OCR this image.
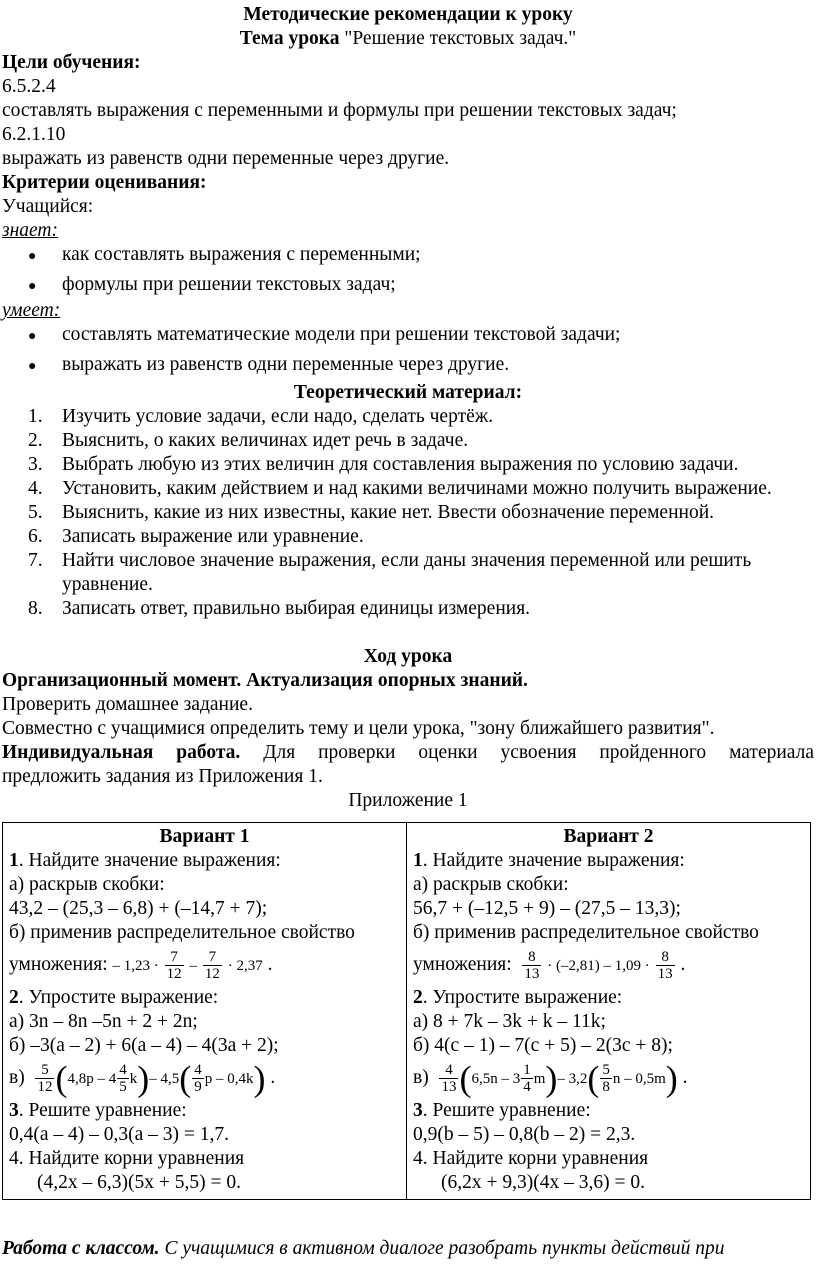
Методические рекомендации к уроку
Тема урока "Решение текстовых задач."
Цели обучения:
6.5.2.4
составлять выражения с переменными и формулы при решении текстовых задач;
6.2.1.10
выражать из равенств одни переменные через другие.
Критерии оценивания:
Учащийся:
знает:
●	как составлять выражения с переменными;
●	формулы при решении текстовых задач;
умеет:
●	составлять математические модели при решении текстовой задачи;
●	выражать из равенств одни переменные через другие.
Теоретический материал:
1. Изучить условие задачи, если надо, сделать чертёж.
2. Выяснить, о каких величинах идет речь в задаче.
3. Выбрать любую из этих величин для составления выражения по условию задачи.
4. Установить, каким действием и над какими величинами можно получить выражение.
5. Выяснить, какие из них известны, какие нет. Ввести обозначение переменной.
6. Записать выражение или уравнение.
7. Найти числовое значение выражения, если даны значения переменной или решить уравнение.
8. Записать ответ, правильно выбирая единицы измерения.
Ход урока
Организационный момент. Актуализация опорных знаний.
Проверить домашнее задание.
Совместно с учащимися определить тему и цели урока, "зону ближайшего развития".
Индивидуальная работа. Для проверки оценки усвоения пройденного материала
предложить задания из Приложения 1.
Приложение 1
Вариант 1
1. Найдите значение выражения:
а) раскрыв скобки:
43,2 – (25,3 – 6,8) + (–14,7 + 7);
б) применив распределительное свойство
умножения: – $1,23 \cdot \frac{7}{12} - \frac{7}{12} \cdot 2,37$ .
2. Упростите выражение:
а) 3n – 8n –5n + 2 + 2n;
б) –3(a – 2) + 6(a – 4) – 4(3a + 2);
$в) \frac{5}{12} (4,8p - 4 \frac{4}{5} k)-$ $4,5( \frac{4}{9}$ p – 0,4k) .
3. Решите уравнение:
0,4(a – 4) – 0,3(a – 3) = 1,7.
4. Найдите корни уравнения
(4,2x – 6,3)(5x + 5,5) = 0.

Вариант 2
1. Найдите значение выражения:
а) раскрыв скобки:
56,7 + (–12,5 + 9) – (27,5 – 13,3);
б) применив распределительное свойство
умножения: $\frac{8}{13} \cdot (-2,81) - 1,09 \cdot \frac{8}{13}$ .
2. Упростите выражение:
а) 8 + 7k – 3k + k – 11k;
б) 4(c – 1) – 7(c + 5) – 2(3c + 8);
$в) \frac{4}{13} (6,5n - 3 \frac{1}{4} m)-$ $3,2( \frac{5}{8}$ n – 0,5m) .
3. Решите уравнение:
0,9(b – 5) – 0,8(b – 2) = 2,3.
4. Найдите корни уравнения
(6,2x + 9,3)(4x – 3,6) = 0.
Работа с классом. С учащимися в активном диалоге разобрать пункты действий при
